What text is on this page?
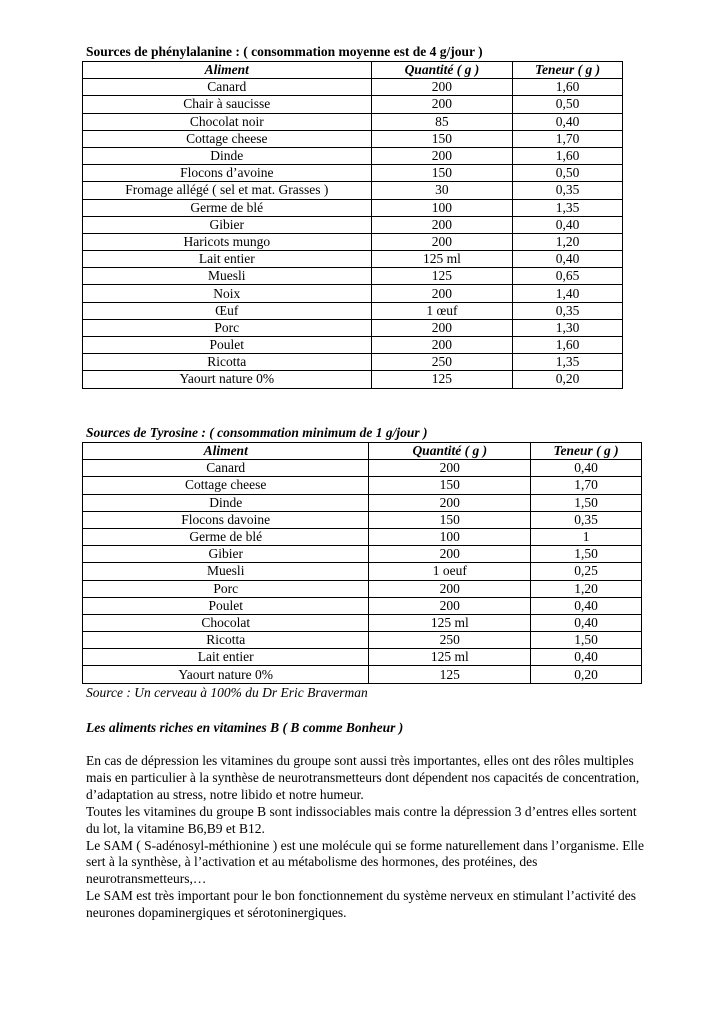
Sources de phénylalanine : ( consommation moyenne est de 4 g/jour )
Aliment	Quantité ( g )	Teneur ( g )
Canard	200	1,60
Chair à saucisse	200	0,50
Chocolat noir	85	0,40
Cottage cheese	150	1,70
Dinde	200	1,60
Flocons d’avoine	150	0,50
Fromage allégé ( sel et mat. Grasses )	30	0,35
Germe de blé	100	1,35
Gibier	200	0,40
Haricots mungo	200	1,20
Lait entier	125 ml	0,40
Muesli	125	0,65
Noix	200	1,40
Œuf	1 œuf	0,35
Porc	200	1,30
Poulet	200	1,60
Ricotta	250	1,35
Yaourt nature 0%	125	0,20
Sources de Tyrosine : ( consommation minimum de 1 g/jour )
Aliment	Quantité ( g )	Teneur ( g )
Canard	200	0,40
Cottage cheese	150	1,70
Dinde	200	1,50
Flocons davoine	150	0,35
Germe de blé	100	1
Gibier	200	1,50
Muesli	1 oeuf	0,25
Porc	200	1,20
Poulet	200	0,40
Chocolat	125 ml	0,40
Ricotta	250	1,50
Lait entier	125 ml	0,40
Yaourt nature 0%	125	0,20
Source : Un cerveau à 100% du Dr Eric Braverman
Les aliments riches en vitamines B ( B comme Bonheur )

En cas de dépression les vitamines du groupe sont aussi très importantes, elles ont des rôles multiples mais en particulier à la synthèse de neurotransmetteurs dont dépendent nos capacités de concentration, d’adaptation au stress, notre libido et notre humeur.

Toutes les vitamines du groupe B sont indissociables mais contre la dépression 3 d’entres elles sortent du lot, la vitamine B6,B9 et B12.

Le SAM ( S-adénosyl-méthionine ) est une molécule qui se forme naturellement dans l’organisme. Elle sert à la synthèse, à l’activation et au métabolisme des hormones, des protéines, des neurotransmetteurs,…

Le SAM est très important pour le bon fonctionnement du système nerveux en stimulant l’activité des neurones dopaminergiques et sérotoninergiques.
